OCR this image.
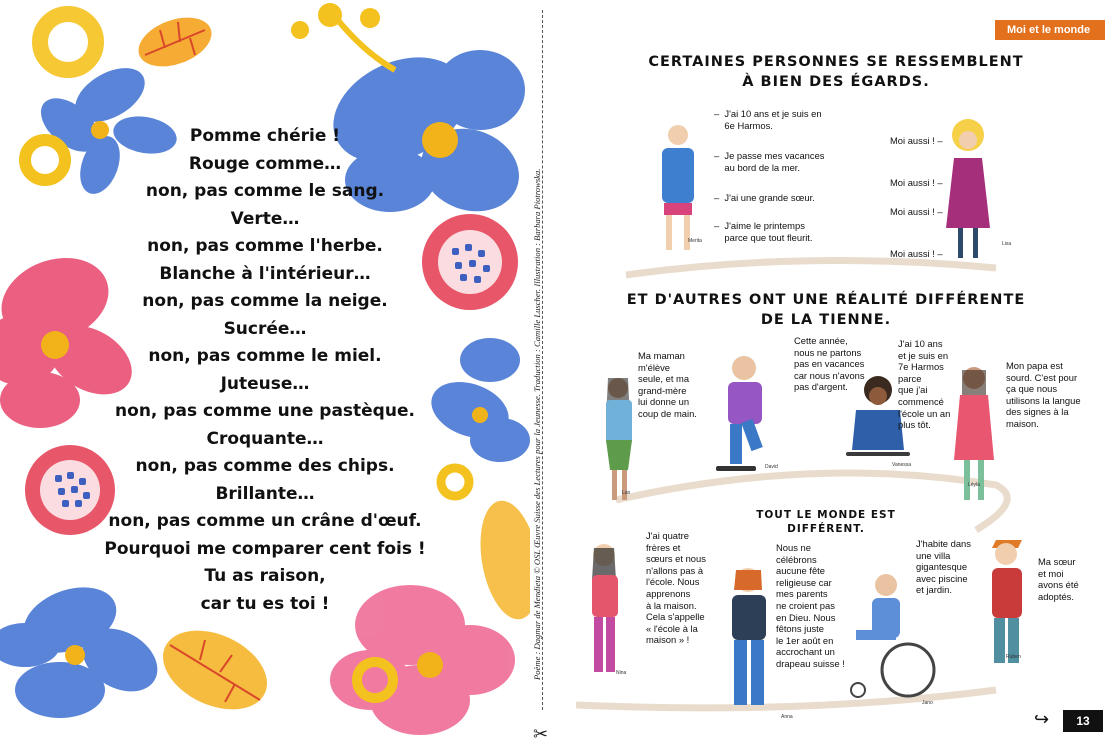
Pomme chérie !
Rouge comme…
non, pas comme le sang.
Verte…
non, pas comme l'herbe.
Blanche à l'intérieur…
non, pas comme la neige.
Sucrée…
non, pas comme le miel.
Juteuse…
non, pas comme une pastèque.
Croquante…
non, pas comme des chips.
Brillante…
non, pas comme un crâne d'œuf.
Pourquoi me comparer cent fois !
Tu as raison,
car tu es toi !	Poème : Dagmar de Mendieta © OSL Œuvre Suisse des Lectures pour la Jeunesse. Traduction : Camille Luscher. Illustration : Barbara Piotrowska.
✂
Moi et le monde
CERTAINES PERSONNES SE RESSEMBLENT
À BIEN DES ÉGARDS.
–  J'ai 10 ans et je suis en
6e Harmos.
–  Je passe mes vacances
au bord de la mer.
–  J'ai une grande sœur.
–  J'aime le printemps
parce que tout fleurit.
Moi aussi ! –
Moi aussi ! –
Moi aussi ! –
Moi aussi ! –
Merita	Lisa
ET D'AUTRES ONT UNE RÉALITÉ DIFFÉRENTE
DE LA TIENNE.
Ma maman
m'élève
seule, et ma
grand-mère
lui donne un
coup de main.
Cette année,
nous ne partons
pas en vacances
car nous n'avons
pas d'argent.
J'ai 10 ans
et je suis en
7e Harmos
parce
que j'ai
commencé
l'école un an
plus tôt.
Mon papa est
sourd. C'est pour
ça que nous
utilisons la langue
des signes à la
maison.
Lan
David	Vanessa
Léyla
TOUT LE MONDE EST DIFFÉRENT.
J'ai quatre
frères et
sœurs et nous
n'allons pas à
l'école. Nous
apprenons
à la maison.
Cela s'appelle
« l'école à la
maison » !
Nous ne
célébrons
aucune fête
religieuse car
mes parents
ne croient pas
en Dieu. Nous
fêtons juste
le 1er août en
accrochant un
drapeau suisse !
J'habite dans
une villa
gigantesque
avec piscine
et jardin.
Ma sœur
et moi
avons été
adoptés.
Nina
Anna
Jano
Ruben
↪	13
